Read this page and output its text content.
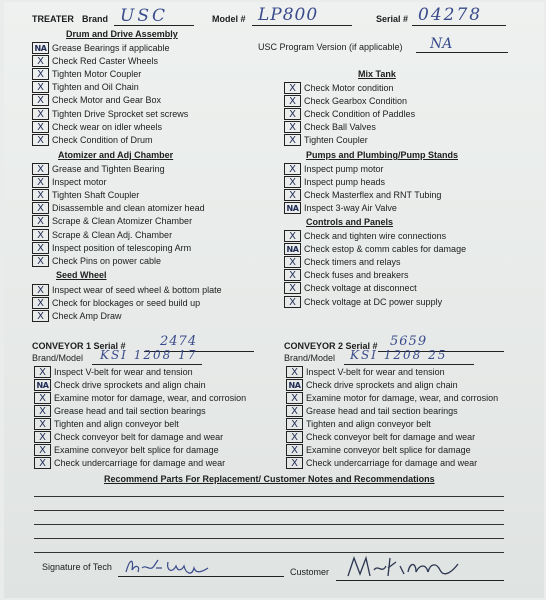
TREATER Brand USC	Model # LP800	Serial # 04278
USC Program Version (if applicable) NA
Drum and Drive Assembly
Atomizer and Adj Chamber
Seed Wheel
Mix Tank
Pumps and Plumbing/Pump Stands
Controls and Panels
CONVEYOR 1 Serial #	2474
Brand/Model KSI 1208 17
CONVEYOR 2 Serial # 5659
Brand/Model KSI 1208 25
Recommend Parts For Replacement/ Customer Notes and Recommendations
Signature of Tech	Customer
NA Grease Bearings if applicable
X Check Red Caster Wheels
X Tighten Motor Coupler
X Tighten and Oil Chain
X Check Motor and Gear Box
X Tighten Drive Sprocket set screws
X Check wear on idler wheels
X Check Condition of Drum
X Grease and Tighten Bearing
X Inspect motor
X Tighten Shaft Coupler
X Disassemble and clean atomizer head
X Scrape & Clean Atomizer Chamber
X Scrape & Clean Adj. Chamber
X Inspect position of telescoping Arm
X Check Pins on power cable
X Inspect wear of seed wheel & bottom plate
X Check for blockages or seed build up
X Check Amp Draw
X Check Motor condition
X Check Gearbox Condition
X Check Condition of Paddles
X Check Ball Valves
X Tighten Coupler
X Inspect pump motor
X Inspect pump heads
X Check Masterflex and RNT Tubing
NA Inspect 3-way Air Valve
X Check and tighten wire connections
NA Check estop & comm cables for damage
X Check timers and relays
X Check fuses and breakers
X Check voltage at disconnect
X Check voltage at DC power supply
X Inspect V-belt for wear and tension
NA Check drive sprockets and align chain
X Examine motor for damage, wear, and corrosion
X Grease head and tail section bearings
X Tighten and align conveyor belt
X Check conveyor belt for damage and wear
X Examine conveyor belt splice for damage
X Check undercarriage for damage and wear
X Inspect V-belt for wear and tension
NA Check drive sprockets and align chain
X Examine motor for damage, wear, and corrosion
X Grease head and tail section bearings
X Tighten and align conveyor belt
X Check conveyor belt for damage and wear
X Examine conveyor belt splice for damage
X Check undercarriage for damage and wear
